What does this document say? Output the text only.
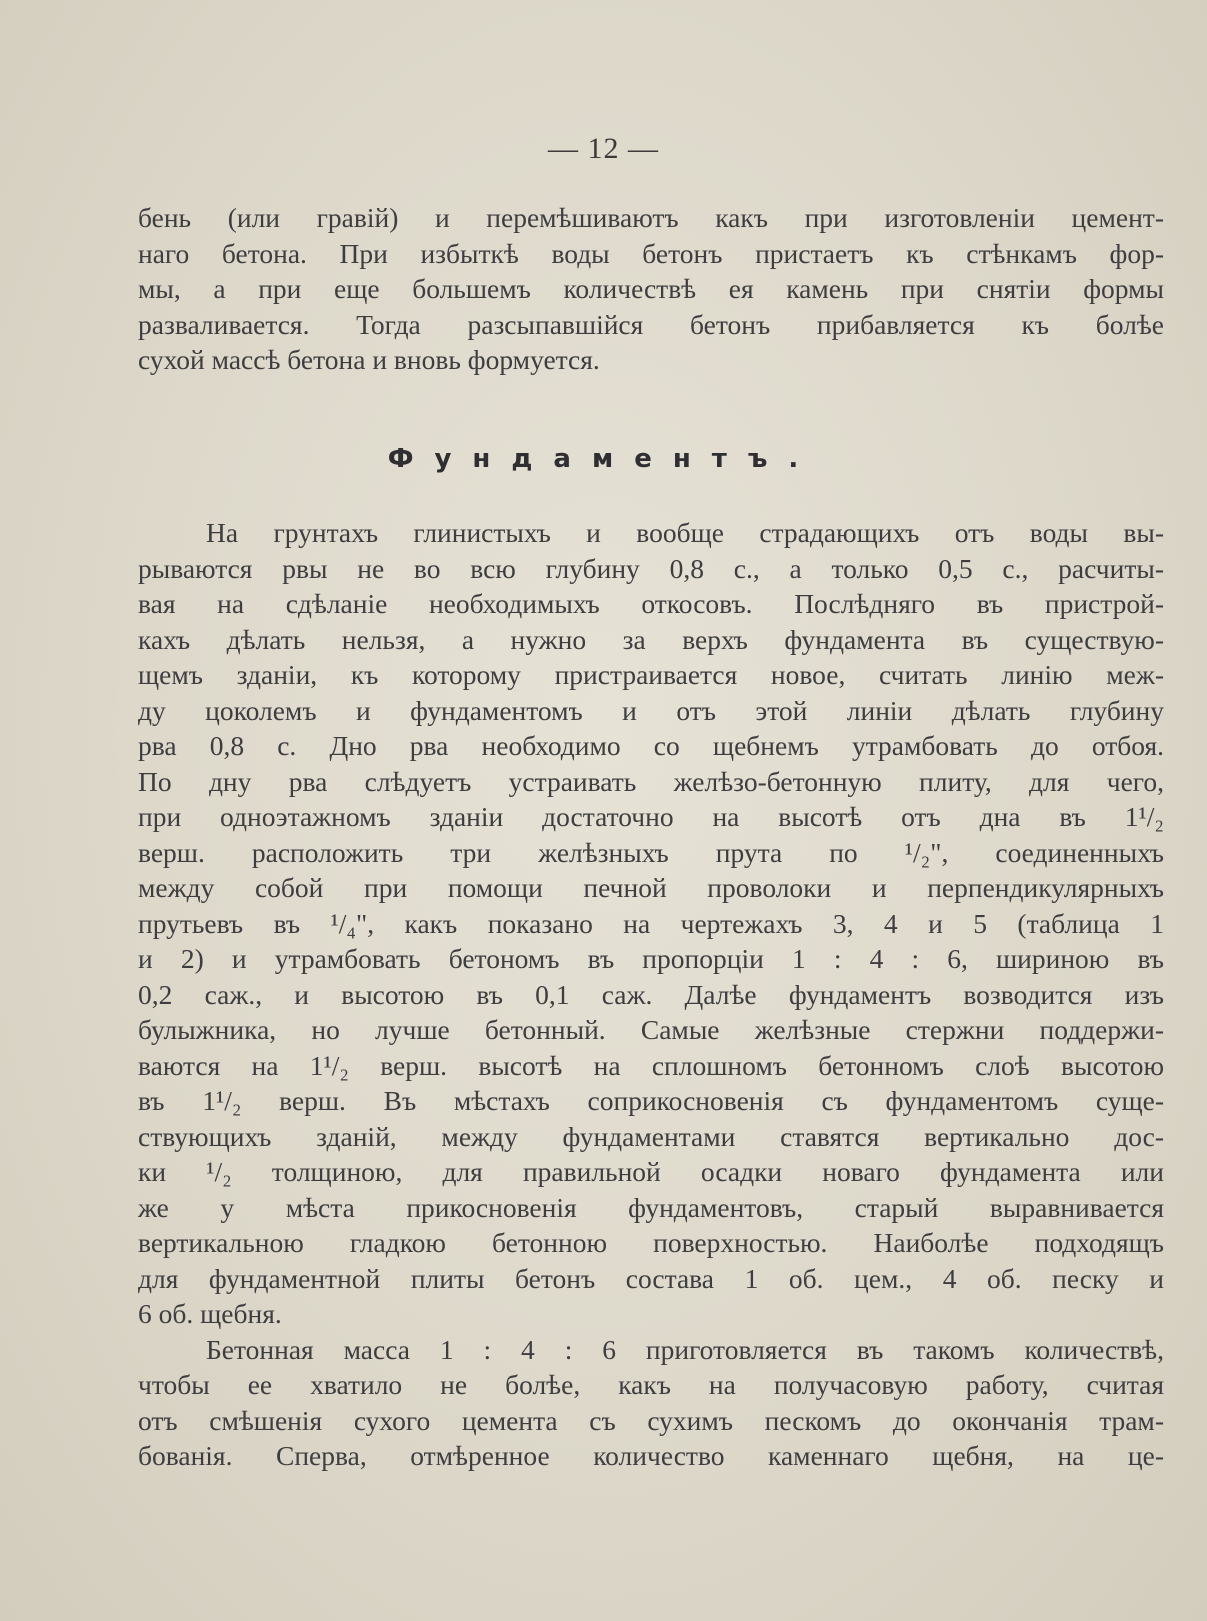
— 12 —
бень (или гравій) и перемѣшиваютъ какъ при изготовленіи цемент-
наго бетона. При избыткѣ воды бетонъ пристаетъ къ стѣнкамъ фор-
мы, а при еще большемъ количествѣ ея камень при снятіи формы
разваливается. Тогда разсыпавшійся бетонъ прибавляется къ болѣе
сухой массѣ бетона и вновь формуется.
Фундаментъ.
На грунтахъ глинистыхъ и вообще страдающихъ отъ воды вы-
рываются рвы не во всю глубину 0,8 с., а только 0,5 с., расчиты-
вая на сдѣланіе необходимыхъ откосовъ. Послѣдняго въ пристрой-
кахъ дѣлать нельзя, а нужно за верхъ фундамента въ существую-
щемъ зданіи, къ которому пристраивается новое, считать линію меж-
ду цоколемъ и фундаментомъ и отъ этой линіи дѣлать глубину
рва 0,8 с. Дно рва необходимо со щебнемъ утрамбовать до отбоя.
По дну рва слѣдуетъ устраивать желѣзо-бетонную плиту, для чего,
при одноэтажномъ зданіи достаточно на высотѣ отъ дна въ 1¹/₂
верш. расположить три желѣзныхъ прута по ¹/₂", соединенныхъ
между собой при помощи печной проволоки и перпендикулярныхъ
прутьевъ въ ¹/₄", какъ показано на чертежахъ 3, 4 и 5 (таблица 1
и 2) и утрамбовать бетономъ въ пропорціи 1 : 4 : 6, шириною въ
0,2 саж., и высотою въ 0,1 саж. Далѣе фундаментъ возводится изъ
булыжника, но лучше бетонный. Самые желѣзные стержни поддержи-
ваются на 1¹/₂ верш. высотѣ на сплошномъ бетонномъ слоѣ высотою
въ 1¹/₂ верш. Въ мѣстахъ соприкосновенія съ фундаментомъ суще-
ствующихъ зданій, между фундаментами ставятся вертикально дос-
ки ¹/₂ толщиною, для правильной осадки новаго фундамента или
же у мѣста прикосновенія фундаментовъ, старый выравнивается
вертикальною гладкою бетонною поверхностью. Наиболѣе подходящъ
для фундаментной плиты бетонъ состава 1 об. цем., 4 об. песку и
6 об. щебня.
Бетонная масса 1 : 4 : 6 приготовляется въ такомъ количествѣ,
чтобы ее хватило не болѣе, какъ на получасовую работу, считая
отъ смѣшенія сухого цемента съ сухимъ пескомъ до окончанія трам-
бованія. Сперва, отмѣренное количество каменнаго щебня, на це-
